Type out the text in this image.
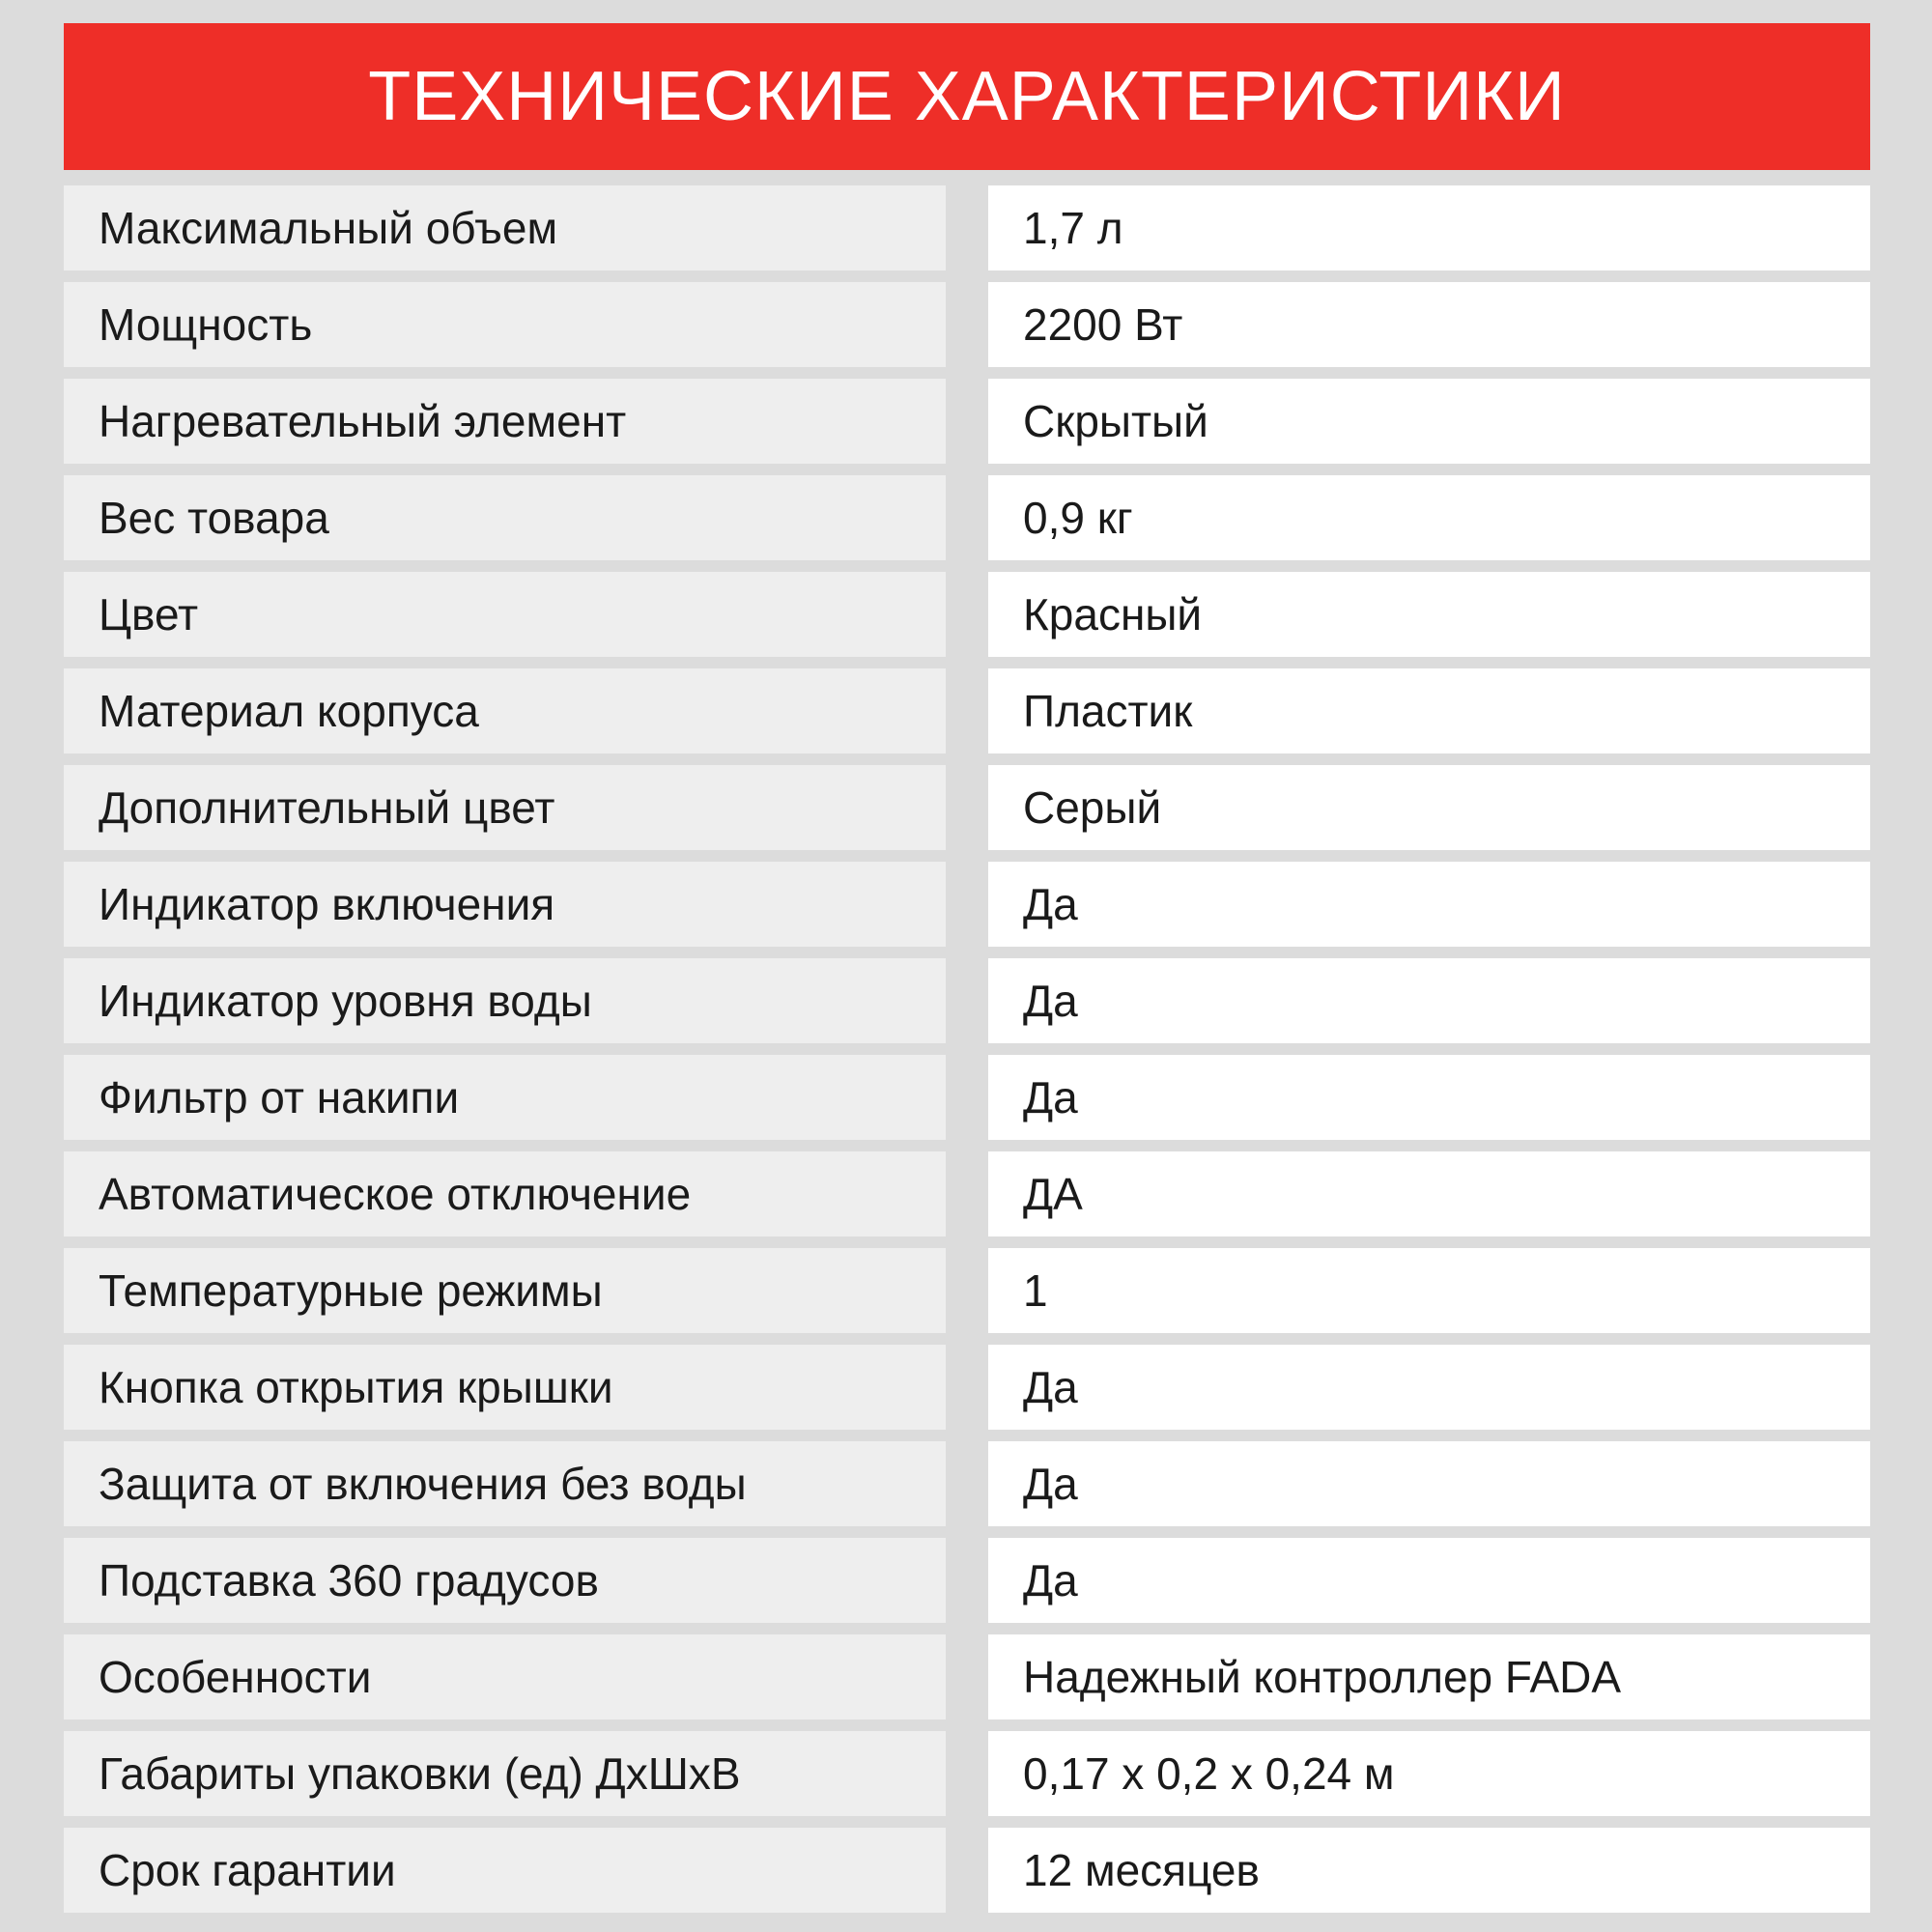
ТЕХНИЧЕСКИЕ ХАРАКТЕРИСТИКИ
Максимальный объем	1,7 л
Мощность	2200 Вт
Нагревательный элемент	Скрытый
Вес товара	0,9 кг
Цвет	Красный
Материал корпуса	Пластик
Дополнительный цвет	Серый
Индикатор включения	Да
Индикатор уровня воды	Да
Фильтр от накипи	Да
Автоматическое отключение	ДА
Температурные режимы	1
Кнопка открытия крышки	Да
Защита от включения без воды	Да
Подставка 360 градусов	Да
Особенности	Надежный контроллер FADA
Габариты упаковки (ед) ДхШхВ	0,17 х 0,2 х 0,24 м
Срок гарантии	12 месяцев
